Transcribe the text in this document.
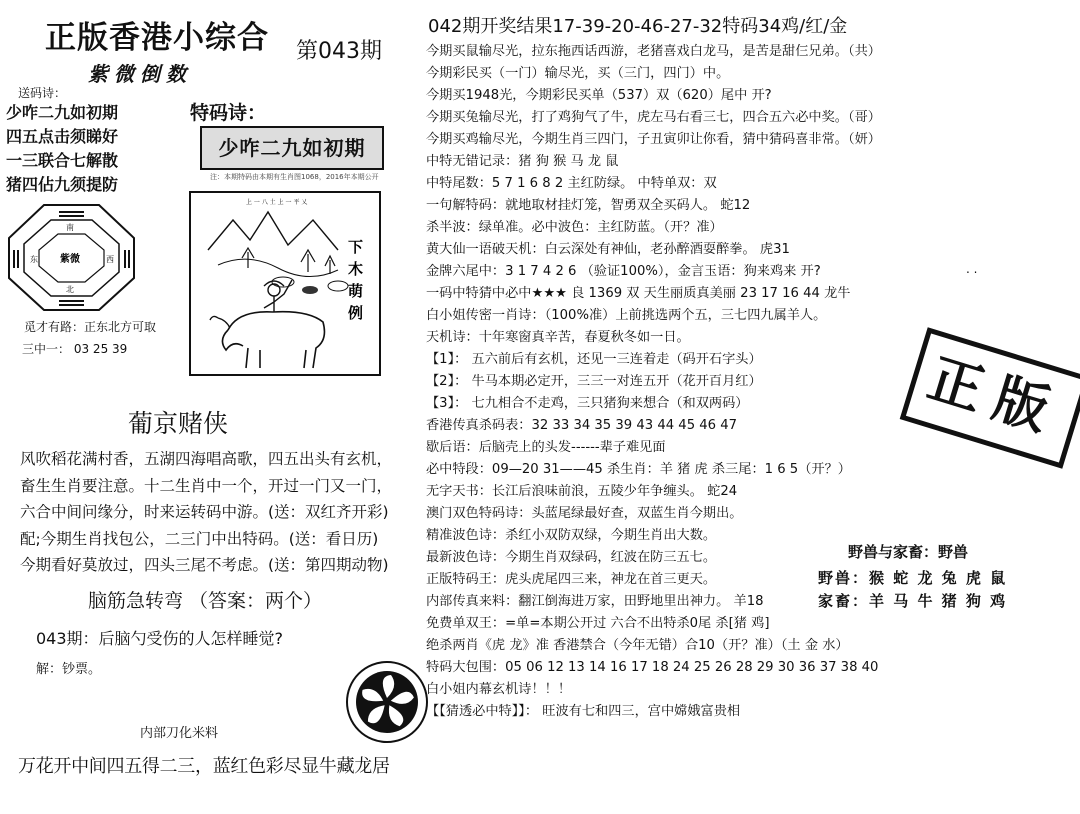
正版香港小综合 第043期
紫微倒数
送码诗：
少咋二九如初期
四五点击须睇好
一三联合七解散
猪四佔九须提防
特码诗：
少咋二九如初期
注：本期特码由本期有生肖图1068，2016年本期公开
上 一 八 土 上 一 平 乂
下木萌例
南
北
东	西
紫微
觅才有路：正东北方可取
三中一： 03 25 39
葡京赌侠
风吹稻花满村香，五湖四海唱高歌，四五出头有玄机，
畜生生肖要注意。十二生肖中一个，开过一门又一门，
六合中间问缘分，时来运转码中游。(送：双红齐开彩)
配;今期生肖找包公，二三门中出特码。(送：看日历)
今期看好莫放过，四头三尾不考虑。(送：第四期动物)
脑筋急转弯 （答案：两个）
043期：后脑勺受伤的人怎样睡觉?
解：钞票。
内部刀化米料
万花开中间四五得二三，蓝红色彩尽显牛藏龙居
042期开奖结果17-39-20-46-27-32特码34鸡/红/金
今期买鼠输尽光，拉东拖西话西游，老猪喜戏白龙马，是苦是甜仨兄弟。（共）
今期彩民买（一门）输尽光，买（三门，四门）中。
今期买1948光，今期彩民买单（537）双（620）尾中 开?
今期买兔输尽光，打了鸡狗气了牛，虎左马右看三七，四合五六必中奖。（哥）
今期买鸡输尽光，今期生肖三四门，子丑寅卯让你看，猜中猜码喜非常。（妍）
中特无错记录：猪 狗 猴 马 龙 鼠
中特尾数：5 7 1 6 8 2 主红防绿。 中特单双：双
一句解特码：就地取材挂灯笼，智勇双全买码人。 蛇12
杀半波：绿单准。必中波色：主红防蓝。（开？准）
黄大仙一语破天机：白云深处有神仙，老孙醉酒耍醉拳。 虎31
金牌六尾中：3 1 7 4 2 6 （验证100%），金言玉语：狗来鸡来 开?
一码中特猜中必中★★★ 良 1369 双 天生丽质真美丽 23 17 16 44 龙牛
白小姐传密一肖诗：（100%准）上前挑选两个五，三七四九属羊人。
天机诗：十年寒窗真辛苦，春夏秋冬如一日。
【1】： 五六前后有玄机，还见一三连着走（码开石字头）
【2】： 牛马本期必定开，三三一对连五开（花开百月红）
【3】： 七九相合不走鸡，三只猪狗来想合（和双两码）
香港传真杀码表：32 33 34 35 39 43 44 45 46 47
歇后语：后脑壳上的头发------辈子难见面
必中特段：09—20 31——45 杀生肖：羊 猪 虎 杀三尾：1 6 5（开？）
无字天书：长江后浪味前浪，五陵少年争缠头。 蛇24
澳门双色特码诗：头蓝尾绿最好查，双蓝生肖今期出。
精准波色诗：杀红小双防双绿，今期生肖出大数。
最新波色诗：今期生肖双绿码，红波在防三五七。
正版特码王：虎头虎尾四三来，神龙在首三更天。
内部传真来料：翻江倒海进万家，田野地里出神力。 羊18
免费单双王：=单=本期公开过 六合不出特杀0尾 杀[猪 鸡]
绝杀两肖《虎 龙》准 香港禁合（今年无错）合10（开？准）（土 金 水）
特码大包围：05 06 12 13 14 16 17 18 24 25 26 28 29 30 36 37 38 40
白小姐内幕玄机诗！！！
【【猜透必中特】】： 旺波有七和四三，宫中嫦娥富贵相
. .
正版
野兽与家畜：野兽
野兽：猴 蛇 龙 兔 虎 鼠
家畜：羊 马 牛 猪 狗 鸡
